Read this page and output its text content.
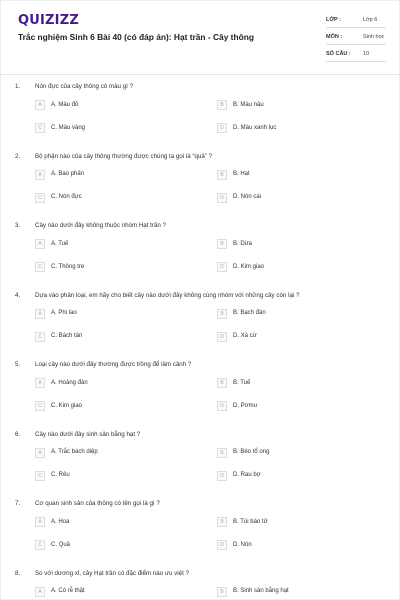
QUIZIZZ
Trắc nghiệm Sinh 6 Bài 40 (có đáp án): Hạt trần - Cây thông
LỚP :	Lớp 6
MÔN :	Sinh học
SỐ CÂU : 10
1. Nón đực của cây thông có màu gì ?
A	A. Màu đỏ	B	B. Màu nâu
C	C. Màu vàng	D	D. Màu xanh lục
2. Bộ phận nào của cây thông thường được chúng ta gọi là “quả” ?
A	A. Bao phấn	B	B. Hạt
C	C. Nón đực	D	D. Nón cái
3. Cây nào dưới đây không thuộc nhóm Hạt trần ?
A	A. Tuế	B	B. Dừa
C	C. Thông tre	D	D. Kim giao
4. Dựa vào phân loại, em hãy cho biết cây nào dưới đây không cùng nhóm với những cây còn lại ?
A	A. Phi lao	B	B. Bạch đàn
C	C. Bách tán	D	D. Xà cừ
5. Loại cây nào dưới đây thường được trồng để làm cảnh ?
A	A. Hoàng đàn	B	B. Tuế
C	C. Kim giao	D	D. Pơmu
6. Cây nào dưới đây sinh sản bằng hạt ?
A	A. Trắc bách diệp	B	B. Bèo tổ ong
C	C. Rêu	D	D. Rau bợ
7. Cơ quan sinh sản của thông có tên gọi là gì ?
A	A. Hoa	B	B. Túi bào tử
C	C. Quả	D	D. Nón
8. So với dương xỉ, cây Hạt trần có đặc điểm nào ưu việt ?
A	A. Có rễ thật	B	B. Sinh sản bằng hạt
